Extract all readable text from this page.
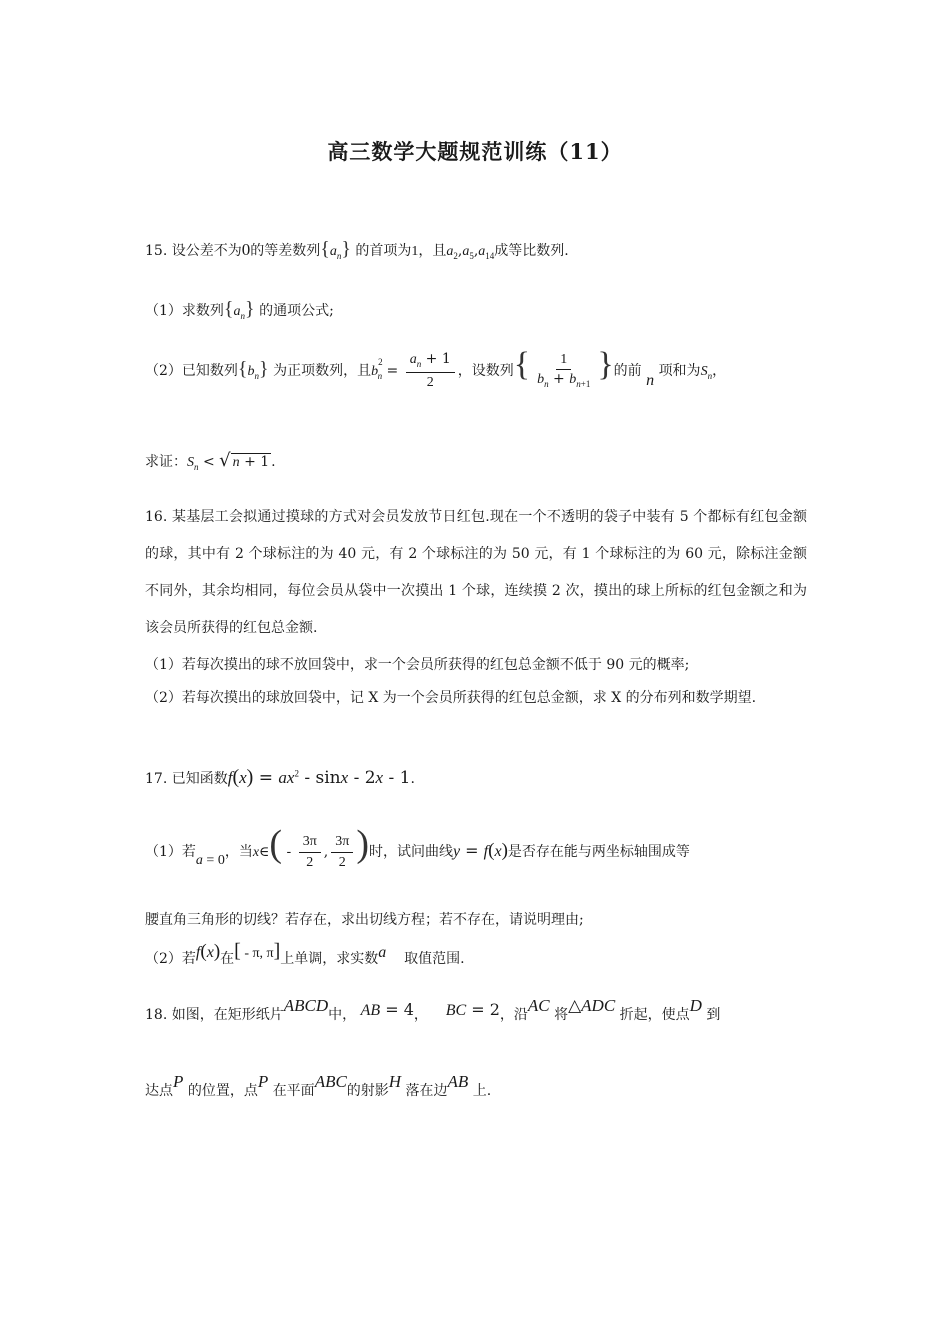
高三数学大题规范训练（11）
15. 设公差不为0的等差数列$\{a_n\}$ 的首项为1，且$a_2,a_5,a_{14}$成等比数列.
（1）求数列$\{a_n\}$ 的通项公式;
（2）已知数列$\{b_n\}$ 为正项数列，且$b^2_n = \frac{a_n + 1}{2}$ ，设数列{ $\frac{1}{b_n + b_{n+1}}$ }的前 n 项和为$S_n$，
求证：$S_n$ < √ n + 1 .
16. 某基层工会拟通过摸球的方式对会员发放节日红包.现在一个不透明的袋子中装有 5 个都标有红包金额的球，其中有 2 个球标注的为 40 元，有 2 个球标注的为 50 元，有 1 个球标注的为 60 元，除标注金额不同外，其余均相同，每位会员从袋中一次摸出 1 个球，连续摸 2 次，摸出的球上所标的红包金额之和为该会员所获得的红包总金额.
（1）若每次摸出的球不放回袋中，求一个会员所获得的红包总金额不低于 90 元的概率;
（2）若每次摸出的球放回袋中，记 X 为一个会员所获得的红包总金额，求 X 的分布列和数学期望.
17. 已知函数$f(x) = ax^2 - \sin x - 2x - 1$.
（1）若a = 0，当x∈( - $\frac{3\pi}{2}$ , $\frac{3\pi}{2}$ )时，试问曲线y = f(x)是否存在能与两坐标轴围成等
腰直角三角形的切线？若存在，求出切线方程；若不存在，请说明理由;
（2）若f(x)在[ - π, π]上单调，求实数a 取值范围.
18. 如图，在矩形纸片ABCD中， AB = 4， BC = 2，沿AC 将△ADC 折起，使点D 到
达点P 的位置，点P 在平面ABC的射影H 落在边AB 上.
